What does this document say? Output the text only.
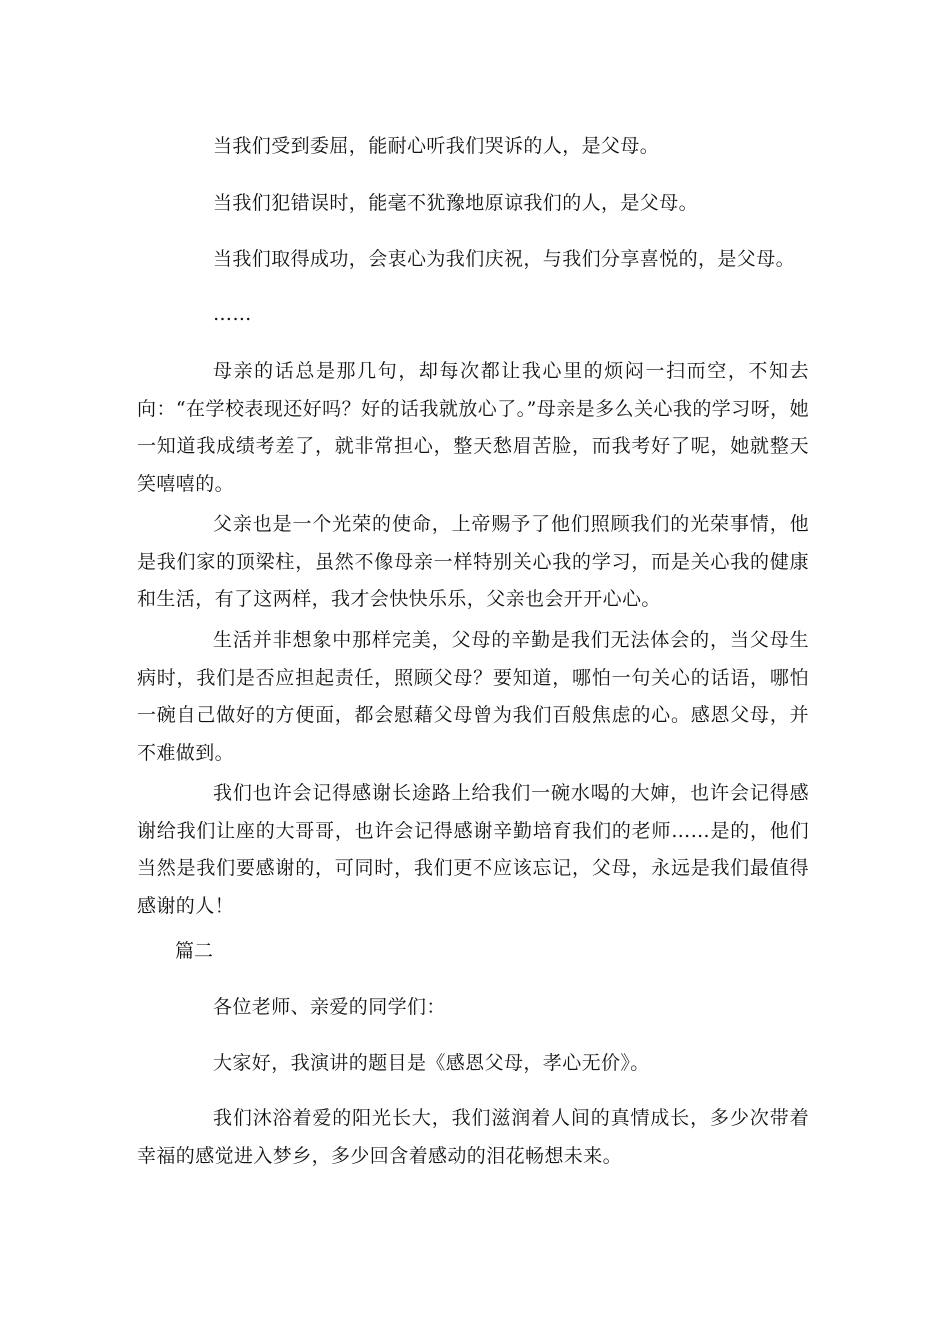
当我们受到委屈，能耐心听我们哭诉的人，是父母。

当我们犯错误时，能毫不犹豫地原谅我们的人，是父母。

当我们取得成功，会衷心为我们庆祝，与我们分享喜悦的，是父母。

……

母亲的话总是那几句，却每次都让我心里的烦闷一扫而空，不知去向：“在学校表现还好吗？好的话我就放心了。”母亲是多么关心我的学习呀，她一知道我成绩考差了，就非常担心，整天愁眉苦脸，而我考好了呢，她就整天笑嘻嘻的。

父亲也是一个光荣的使命，上帝赐予了他们照顾我们的光荣事情，他是我们家的顶梁柱，虽然不像母亲一样特别关心我的学习，而是关心我的健康和生活，有了这两样，我才会快快乐乐，父亲也会开开心心。

生活并非想象中那样完美，父母的辛勤是我们无法体会的，当父母生病时，我们是否应担起责任，照顾父母？要知道，哪怕一句关心的话语，哪怕一碗自己做好的方便面，都会慰藉父母曾为我们百般焦虑的心。感恩父母，并不难做到。

我们也许会记得感谢长途路上给我们一碗水喝的大婶，也许会记得感谢给我们让座的大哥哥，也许会记得感谢辛勤培育我们的老师……是的，他们当然是我们要感谢的，可同时，我们更不应该忘记，父母，永远是我们最值得感谢的人！

篇二

各位老师、亲爱的同学们：

大家好，我演讲的题目是《感恩父母，孝心无价》。

我们沐浴着爱的阳光长大，我们滋润着人间的真情成长，多少次带着幸福的感觉进入梦乡，多少回含着感动的泪花畅想未来。
